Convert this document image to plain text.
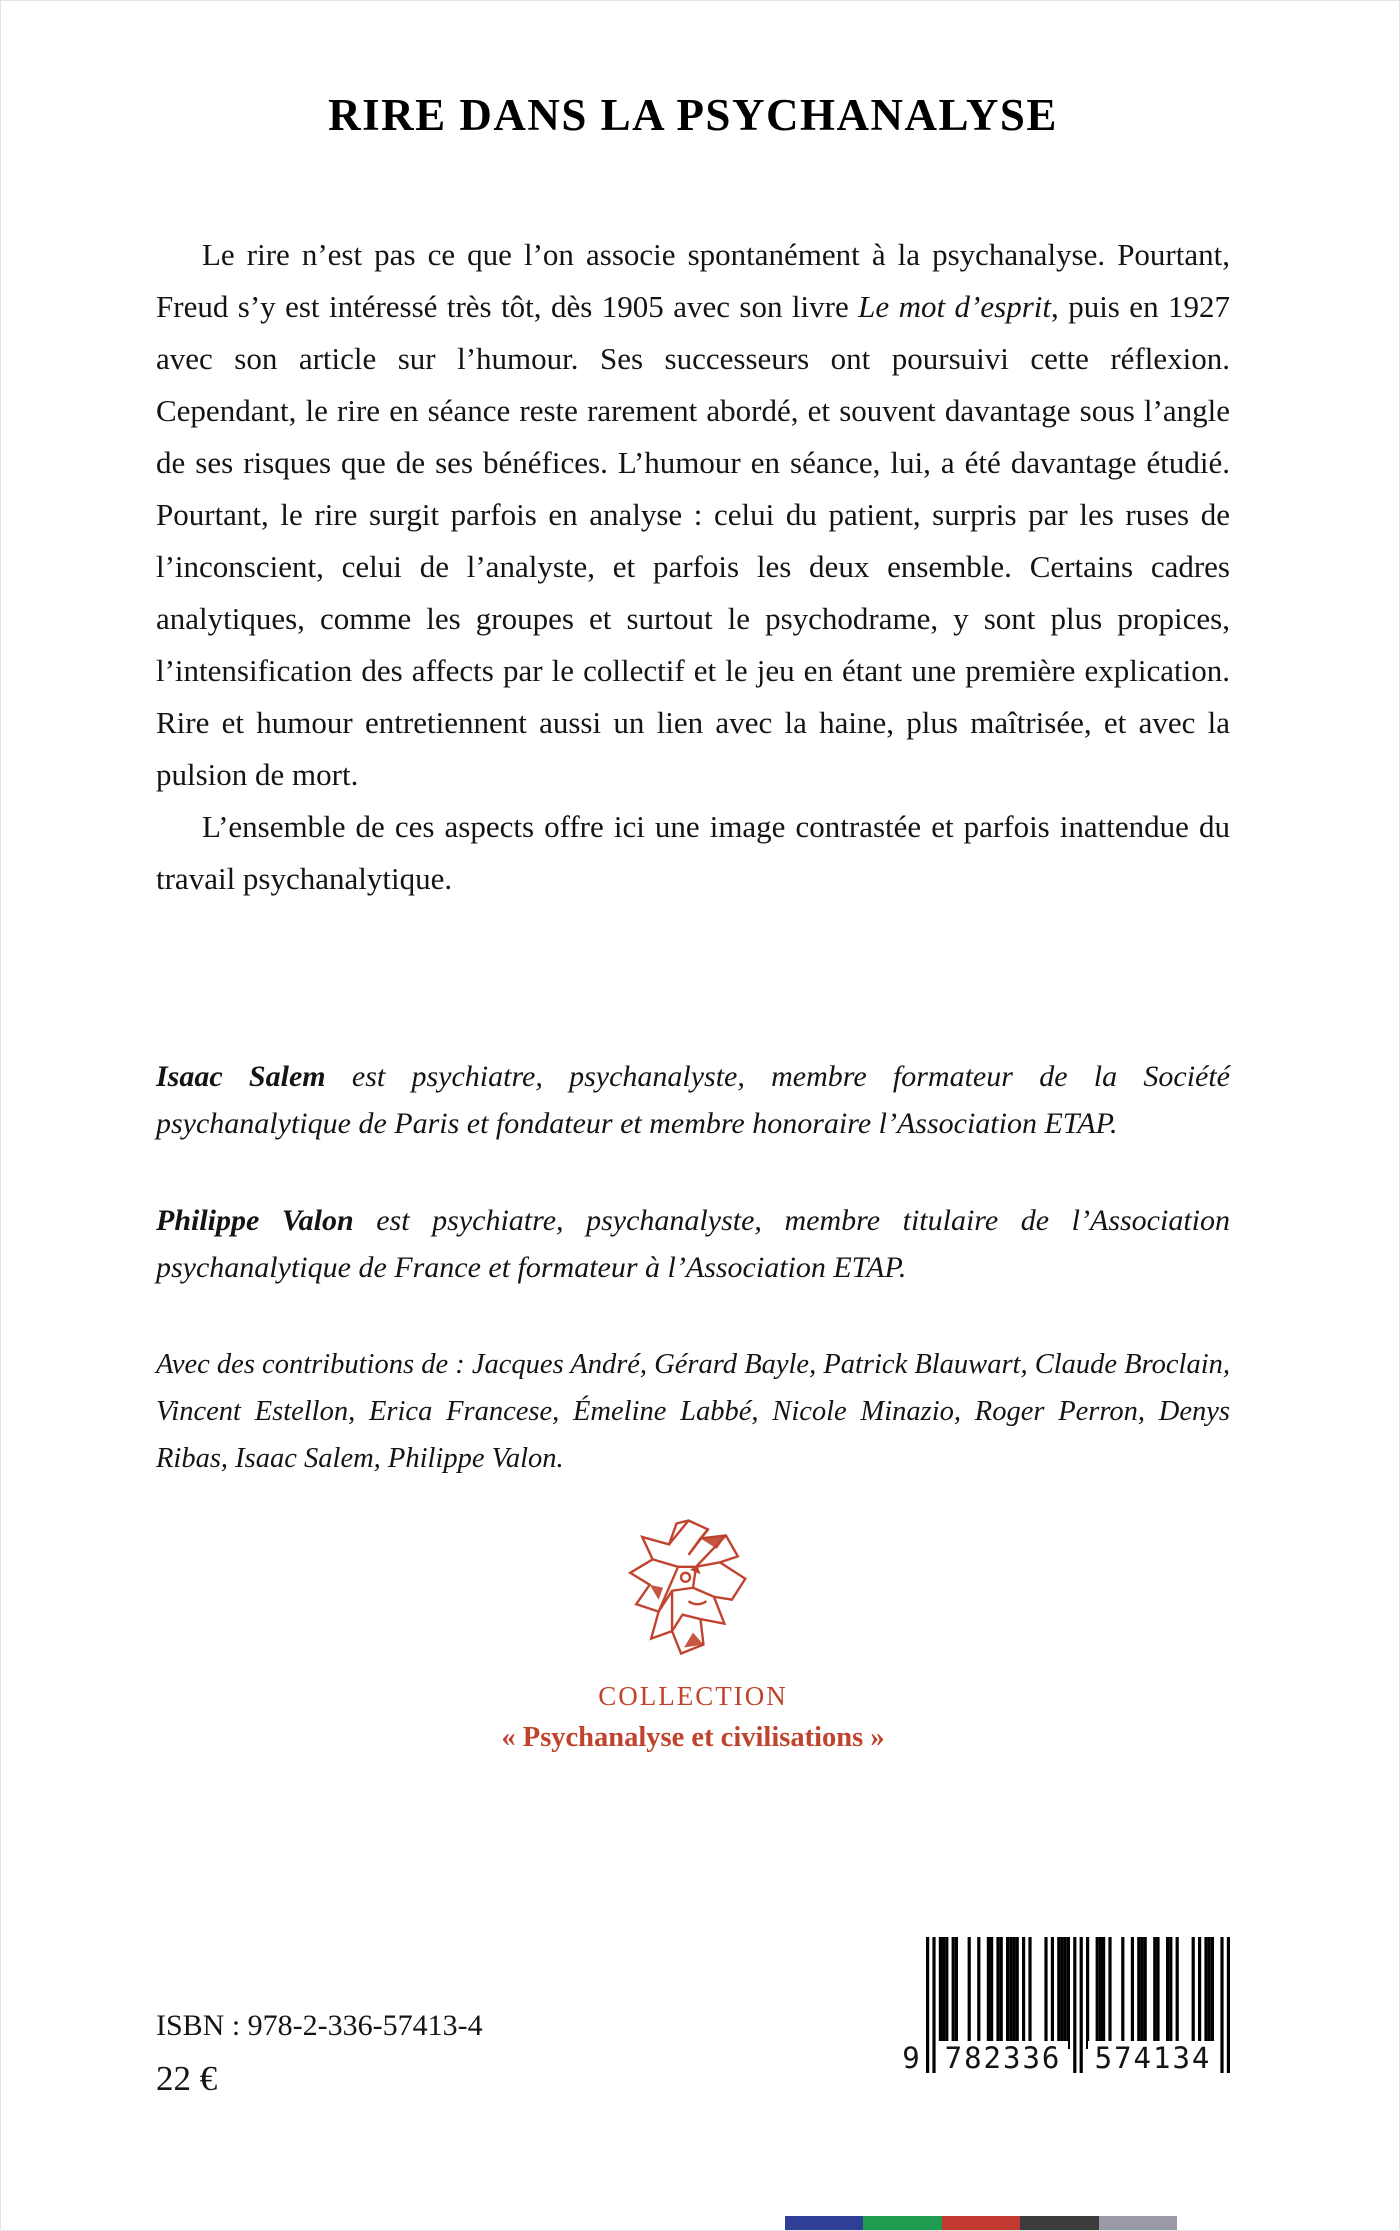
RIRE DANS LA PSYCHANALYSE

Le rire n’est pas ce que l’on associe spontanément à la psychanalyse. Pourtant, Freud s’y est intéressé très tôt, dès 1905 avec son livre Le mot d’esprit, puis en 1927 avec son article sur l’humour. Ses successeurs ont poursuivi cette réflexion. Cependant, le rire en séance reste rarement abordé, et souvent davantage sous l’angle de ses risques que de ses bénéfices. L’humour en séance, lui, a été davantage étudié. Pourtant, le rire surgit parfois en analyse : celui du patient, surpris par les ruses de l’inconscient, celui de l’analyste, et parfois les deux ensemble. Certains cadres analytiques, comme les groupes et surtout le psychodrame, y sont plus propices, l’intensification des affects par le collectif et le jeu en étant une première explication. Rire et humour entretiennent aussi un lien avec la haine, plus maîtrisée, et avec la pulsion de mort.

L’ensemble de ces aspects offre ici une image contrastée et parfois inattendue du travail psychanalytique.

Isaac Salem est psychiatre, psychanalyste, membre formateur de la Société psychanalytique de Paris et fondateur et membre honoraire l’Association ETAP.

Philippe Valon est psychiatre, psychanalyste, membre titulaire de l’Association psychanalytique de France et formateur à l’Association ETAP.

Avec des contributions de : Jacques André, Gérard Bayle, Patrick Blauwart, Claude Broclain, Vincent Estellon, Erica Francese, Émeline Labbé, Nicole Minazio, Roger Perron, Denys Ribas, Isaac Salem, Philippe Valon.

COLLECTION
« Psychanalyse et civilisations »
ISBN : 978-2-336-57413-4
22 €
9 782336 574134
